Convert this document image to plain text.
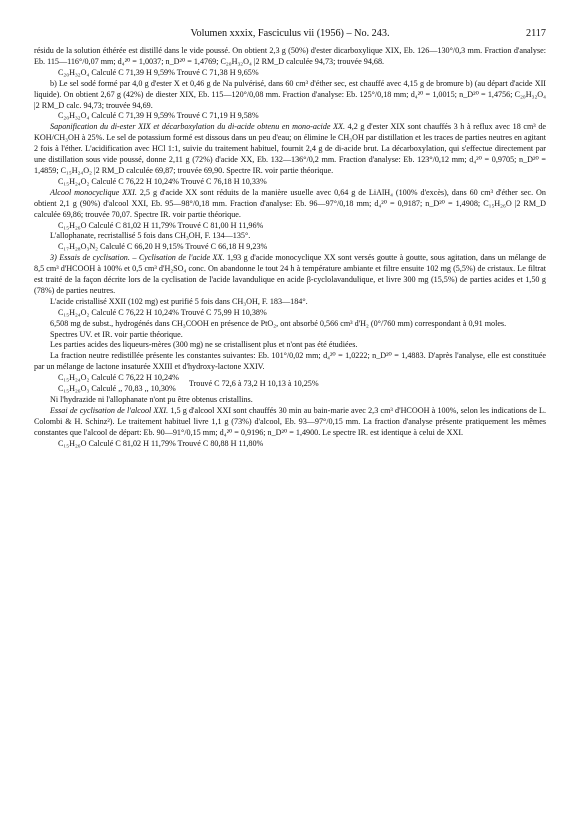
Volumen xxxix, Fasciculus vii (1956) – No. 243.	2117

résidu de la solution éthérée est distillé dans le vide poussé. On obtient 2,3 g (50%) d'ester dicarboxylique XIX, Eb. 126—130°/0,3 mm. Fraction d'analyse: Eb. 115—116°/0,07 mm; d₄²⁰ = 1,0037; n_D²⁰ = 1,4769; C₂₀H₃₂O₄ |2 RM_D calculée 94,73; trouvée 94,68.

C₂₀H₃₂O₄ Calculé C 71,39 H 9,59% Trouvé C 71,38 H 9,65%

b) Le sel sodé formé par 4,0 g d'ester X et 0,46 g de Na pulvérisé, dans 60 cm³ d'éther sec, est chauffé avec 4,15 g de bromure b) (au départ d'acide XII liquide). On obtient 2,67 g (42%) de diester XIX, Eb. 115—120°/0,08 mm. Fraction d'analyse: Eb. 125°/0,18 mm; d₄²⁰ = 1,0015; n_D²⁰ = 1,4756; C₂₀H₃₂O₄ |2 RM_D calc. 94,73; trouvée 94,69.

C₂₀H₃₂O₄ Calculé C 71,39 H 9,59% Trouvé C 71,19 H 9,58%

Saponification du di-ester XIX et décarboxylation du di-acide obtenu en mono-acide XX. 4,2 g d'ester XIX sont chauffés 3 h à reflux avec 18 cm³ de KOH/CH₃OH à 25%. Le sel de potassium formé est dissous dans un peu d'eau; on élimine le CH₃OH par distillation et les traces de parties neutres en agitant 2 fois à l'éther. L'acidification avec HCl 1:1, suivie du traitement habituel, fournit 2,4 g de di-acide brut. La décarboxylation, qui s'effectue directement par une distillation sous vide poussé, donne 2,11 g (72%) d'acide XX, Eb. 132—136°/0,2 mm. Fraction d'analyse: Eb. 123°/0,12 mm; d₄²⁰ = 0,9705; n_D²⁰ = 1,4859; C₁₅H₂₄O₂ |2 RM_D calculée 69,87; trouvée 69,90. Spectre IR. voir partie théorique.

C₁₅H₂₄O₂ Calculé C 76,22 H 10,24% Trouvé C 76,18 H 10,33%

Alcool monocyclique XXI. 2,5 g d'acide XX sont réduits de la manière usuelle avec 0,64 g de LiAlH₄ (100% d'excès), dans 60 cm³ d'éther sec. On obtient 2,1 g (90%) d'alcool XXI, Eb. 95—98°/0,18 mm. Fraction d'analyse: Eb. 96—97°/0,18 mm; d₄²⁰ = 0,9187; n_D²⁰ = 1,4908; C₁₅H₂₆O |2 RM_D calculée 69,86; trouvée 70,07. Spectre IR. voir partie théorique.

C₁₅H₂₆O Calculé C 81,02 H 11,79% Trouvé C 81,00 H 11,96%

L'allophanate, recristallisé 5 fois dans CH₃OH, F. 134—135°.

C₁₇H₂₈O₃N₂ Calculé C 66,20 H 9,15% Trouvé C 66,18 H 9,23%

3) Essais de cyclisation. – Cyclisation de l'acide XX. 1,93 g d'acide monocyclique XX sont versés goutte à goutte, sous agitation, dans un mélange de 8,5 cm³ d'HCOOH à 100% et 0,5 cm³ d'H₂SO₄ conc. On abandonne le tout 24 h à température ambiante et filtre ensuite 102 mg (5,5%) de cristaux. Le filtrat est traité de la façon décrite lors de la cyclisation de l'acide lavandulique en acide β-cyclolavandulique, et livre 300 mg (15,5%) de parties acides et 1,50 g (78%) de parties neutres.

L'acide cristallisé XXII (102 mg) est purifié 5 fois dans CH₃OH, F. 183—184°.

C₁₅H₂₄O₂ Calculé C 76,22 H 10,24% Trouvé C 75,99 H 10,38%

6,508 mg de subst., hydrogénés dans CH₃COOH en présence de PtO₂, ont absorbé 0,566 cm³ d'H₂ (0°/760 mm) correspondant à 0,91 moles.

Spectres UV. et IR. voir partie théorique.

Les parties acides des liqueurs-mères (300 mg) ne se cristallisent plus et n'ont pas été étudiées.

La fraction neutre redistillée présente les constantes suivantes: Eb. 101°/0,02 mm; d₄²⁰ = 1,0222; n_D²⁰ = 1,4883. D'après l'analyse, elle est constituée par un mélange de lactone insaturée XXIII et d'hydroxy-lactone XXIV.

C₁₅H₂₄O₂ Calculé C 76,22 H 10,24%
C₁₅H₂₆O₃ Calculé ,, 70,83 ,, 10,30%
Trouvé C 72,6 à 73,2 H 10,13 à 10,25%

Ni l'hydrazide ni l'allophanate n'ont pu être obtenus cristallins.

Essai de cyclisation de l'alcool XXI. 1,5 g d'alcool XXI sont chauffés 30 min au bain-marie avec 2,3 cm³ d'HCOOH à 100%, selon les indications de L. Colombi & H. Schinz²). Le traitement habituel livre 1,1 g (73%) d'alcool, Eb. 93—97°/0,15 mm. La fraction d'analyse présente pratiquement les mêmes constantes que l'alcool de départ: Eb. 90—91°/0,15 mm; d₄²⁰ = 0,9196; n_D²⁰ = 1,4900. Le spectre IR. est identique à celui de XXI.

C₁₅H₂₆O Calculé C 81,02 H 11,79% Trouvé C 80,88 H 11,80%
